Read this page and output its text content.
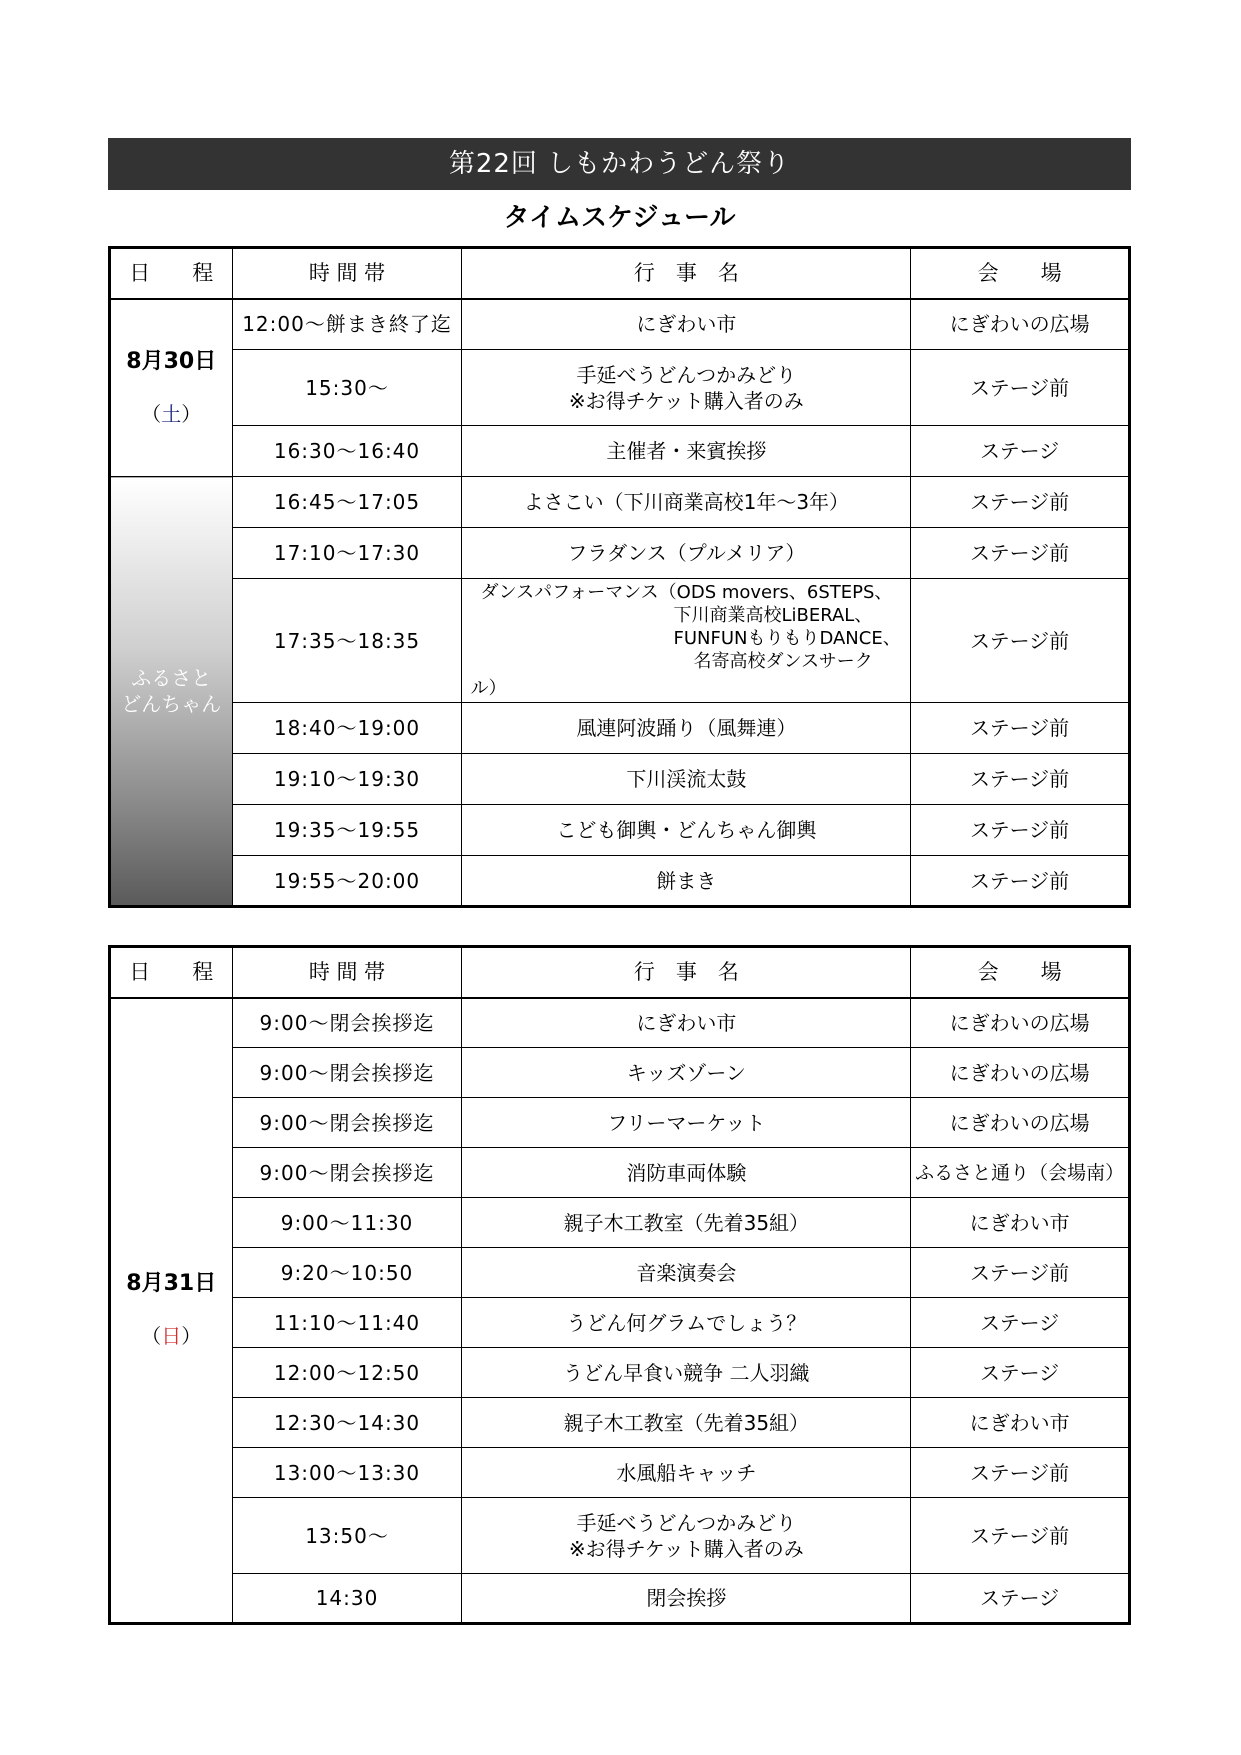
第22回 しもかわうどん祭り
タイムスケジュール
日　　程	時 間 帯	行　事　名	会　　場

8月30日
（土）	12:00～餅まき終了迄	にぎわい市	にぎわいの広場
	15:30～	手延べうどんつかみどり
※お得チケット購入者のみ	ステージ前
	16:30～16:40	主催者・来賓挨拶	ステージ

ふるさと
どんちゃん	16:45～17:05	よさこい（下川商業高校1年～3年）	ステージ前
	17:10～17:30	フラダンス（プルメリア）	ステージ前
	17:35～18:35	ダンスパフォーマンス（ODS movers、6STEPS、
下川商業高校LiBERAL、
FUNFUNもりもりDANCE、
名寄高校ダンスサーク
ル）	ステージ前
	18:40～19:00	風連阿波踊り（風舞連）	ステージ前
	19:10～19:30	下川渓流太鼓	ステージ前
	19:35～19:55	こども御輿・どんちゃん御輿	ステージ前
	19:55～20:00	餅まき	ステージ前
日　　程	時 間 帯	行　事　名	会　　場

8月31日
（日）	9:00～閉会挨拶迄	にぎわい市	にぎわいの広場
	9:00～閉会挨拶迄	キッズゾーン	にぎわいの広場
	9:00～閉会挨拶迄	フリーマーケット	にぎわいの広場
	9:00～閉会挨拶迄	消防車両体験	ふるさと通り（会場南）
	9:00～11:30	親子木工教室（先着35組）	にぎわい市
	9:20～10:50	音楽演奏会	ステージ前
	11:10～11:40	うどん何グラムでしょう？	ステージ
	12:00～12:50	うどん早食い競争 二人羽織	ステージ
	12:30～14:30	親子木工教室（先着35組）	にぎわい市
	13:00～13:30	水風船キャッチ	ステージ前
	13:50～	手延べうどんつかみどり
※お得チケット購入者のみ	ステージ前
	14:30	閉会挨拶	ステージ
